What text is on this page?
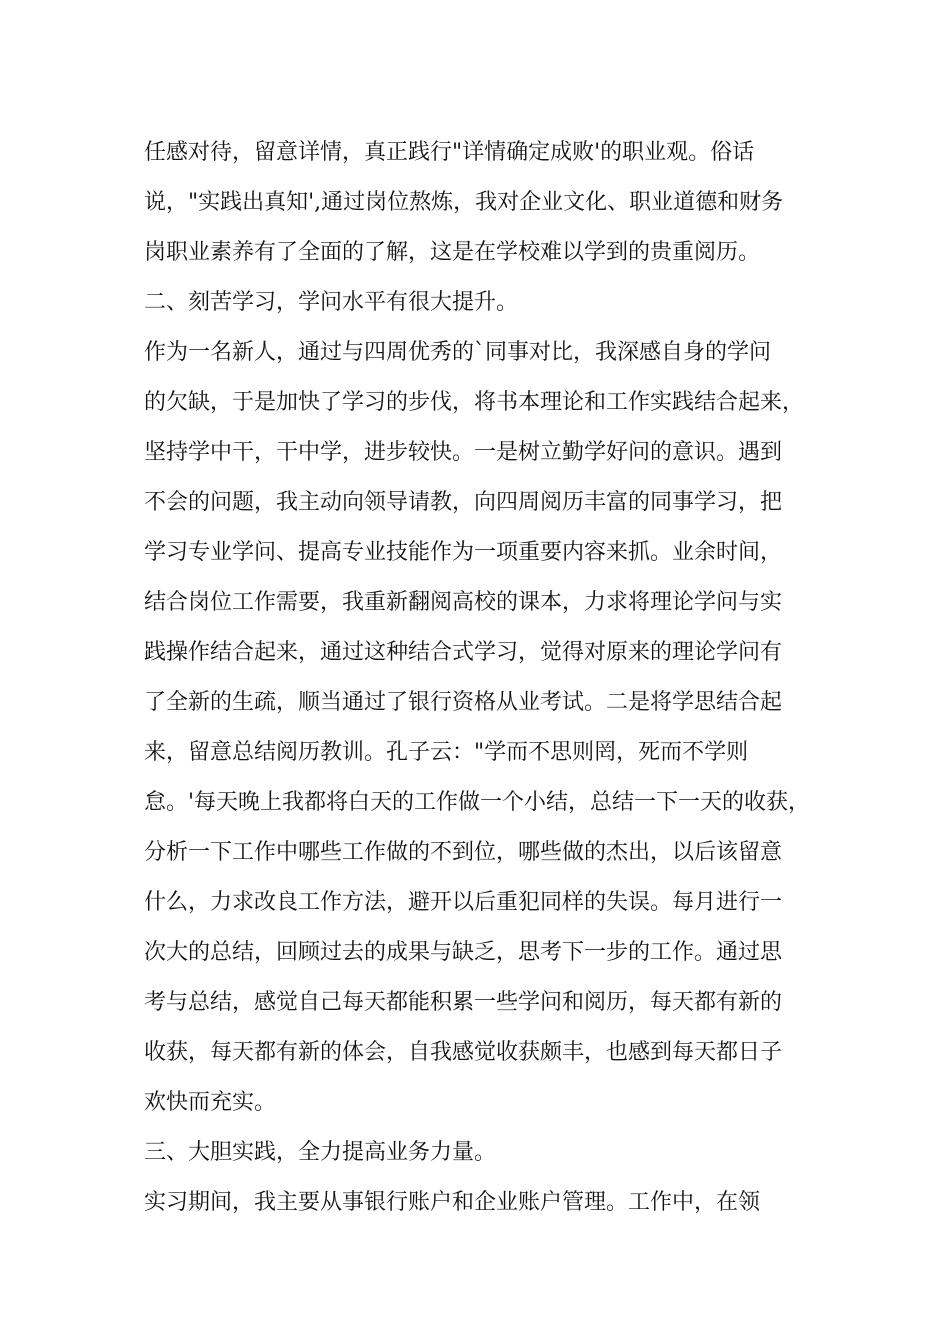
任感对待，留意详情，真正践行"详情确定成败'的职业观。俗话
说，"实践出真知',通过岗位熬炼，我对企业文化、职业道德和财务
岗职业素养有了全面的了解，这是在学校难以学到的贵重阅历。
二、刻苦学习，学问水平有很大提升。
作为一名新人，通过与四周优秀的`同事对比，我深感自身的学问
的欠缺，于是加快了学习的步伐，将书本理论和工作实践结合起来，
坚持学中干，干中学，进步较快。一是树立勤学好问的意识。遇到
不会的问题，我主动向领导请教，向四周阅历丰富的同事学习，把
学习专业学问、提高专业技能作为一项重要内容来抓。业余时间，
结合岗位工作需要，我重新翻阅高校的课本，力求将理论学问与实
践操作结合起来，通过这种结合式学习，觉得对原来的理论学问有
了全新的生疏，顺当通过了银行资格从业考试。二是将学思结合起
来，留意总结阅历教训。孔子云："学而不思则罔，死而不学则
怠。'每天晚上我都将白天的工作做一个小结，总结一下一天的收获，
分析一下工作中哪些工作做的不到位，哪些做的杰出，以后该留意
什么，力求改良工作方法，避开以后重犯同样的失误。每月进行一
次大的总结，回顾过去的成果与缺乏，思考下一步的工作。通过思
考与总结，感觉自己每天都能积累一些学问和阅历，每天都有新的
收获，每天都有新的体会，自我感觉收获颇丰，也感到每天都日子
欢快而充实。
三、大胆实践，全力提高业务力量。
实习期间，我主要从事银行账户和企业账户管理。工作中，在领
